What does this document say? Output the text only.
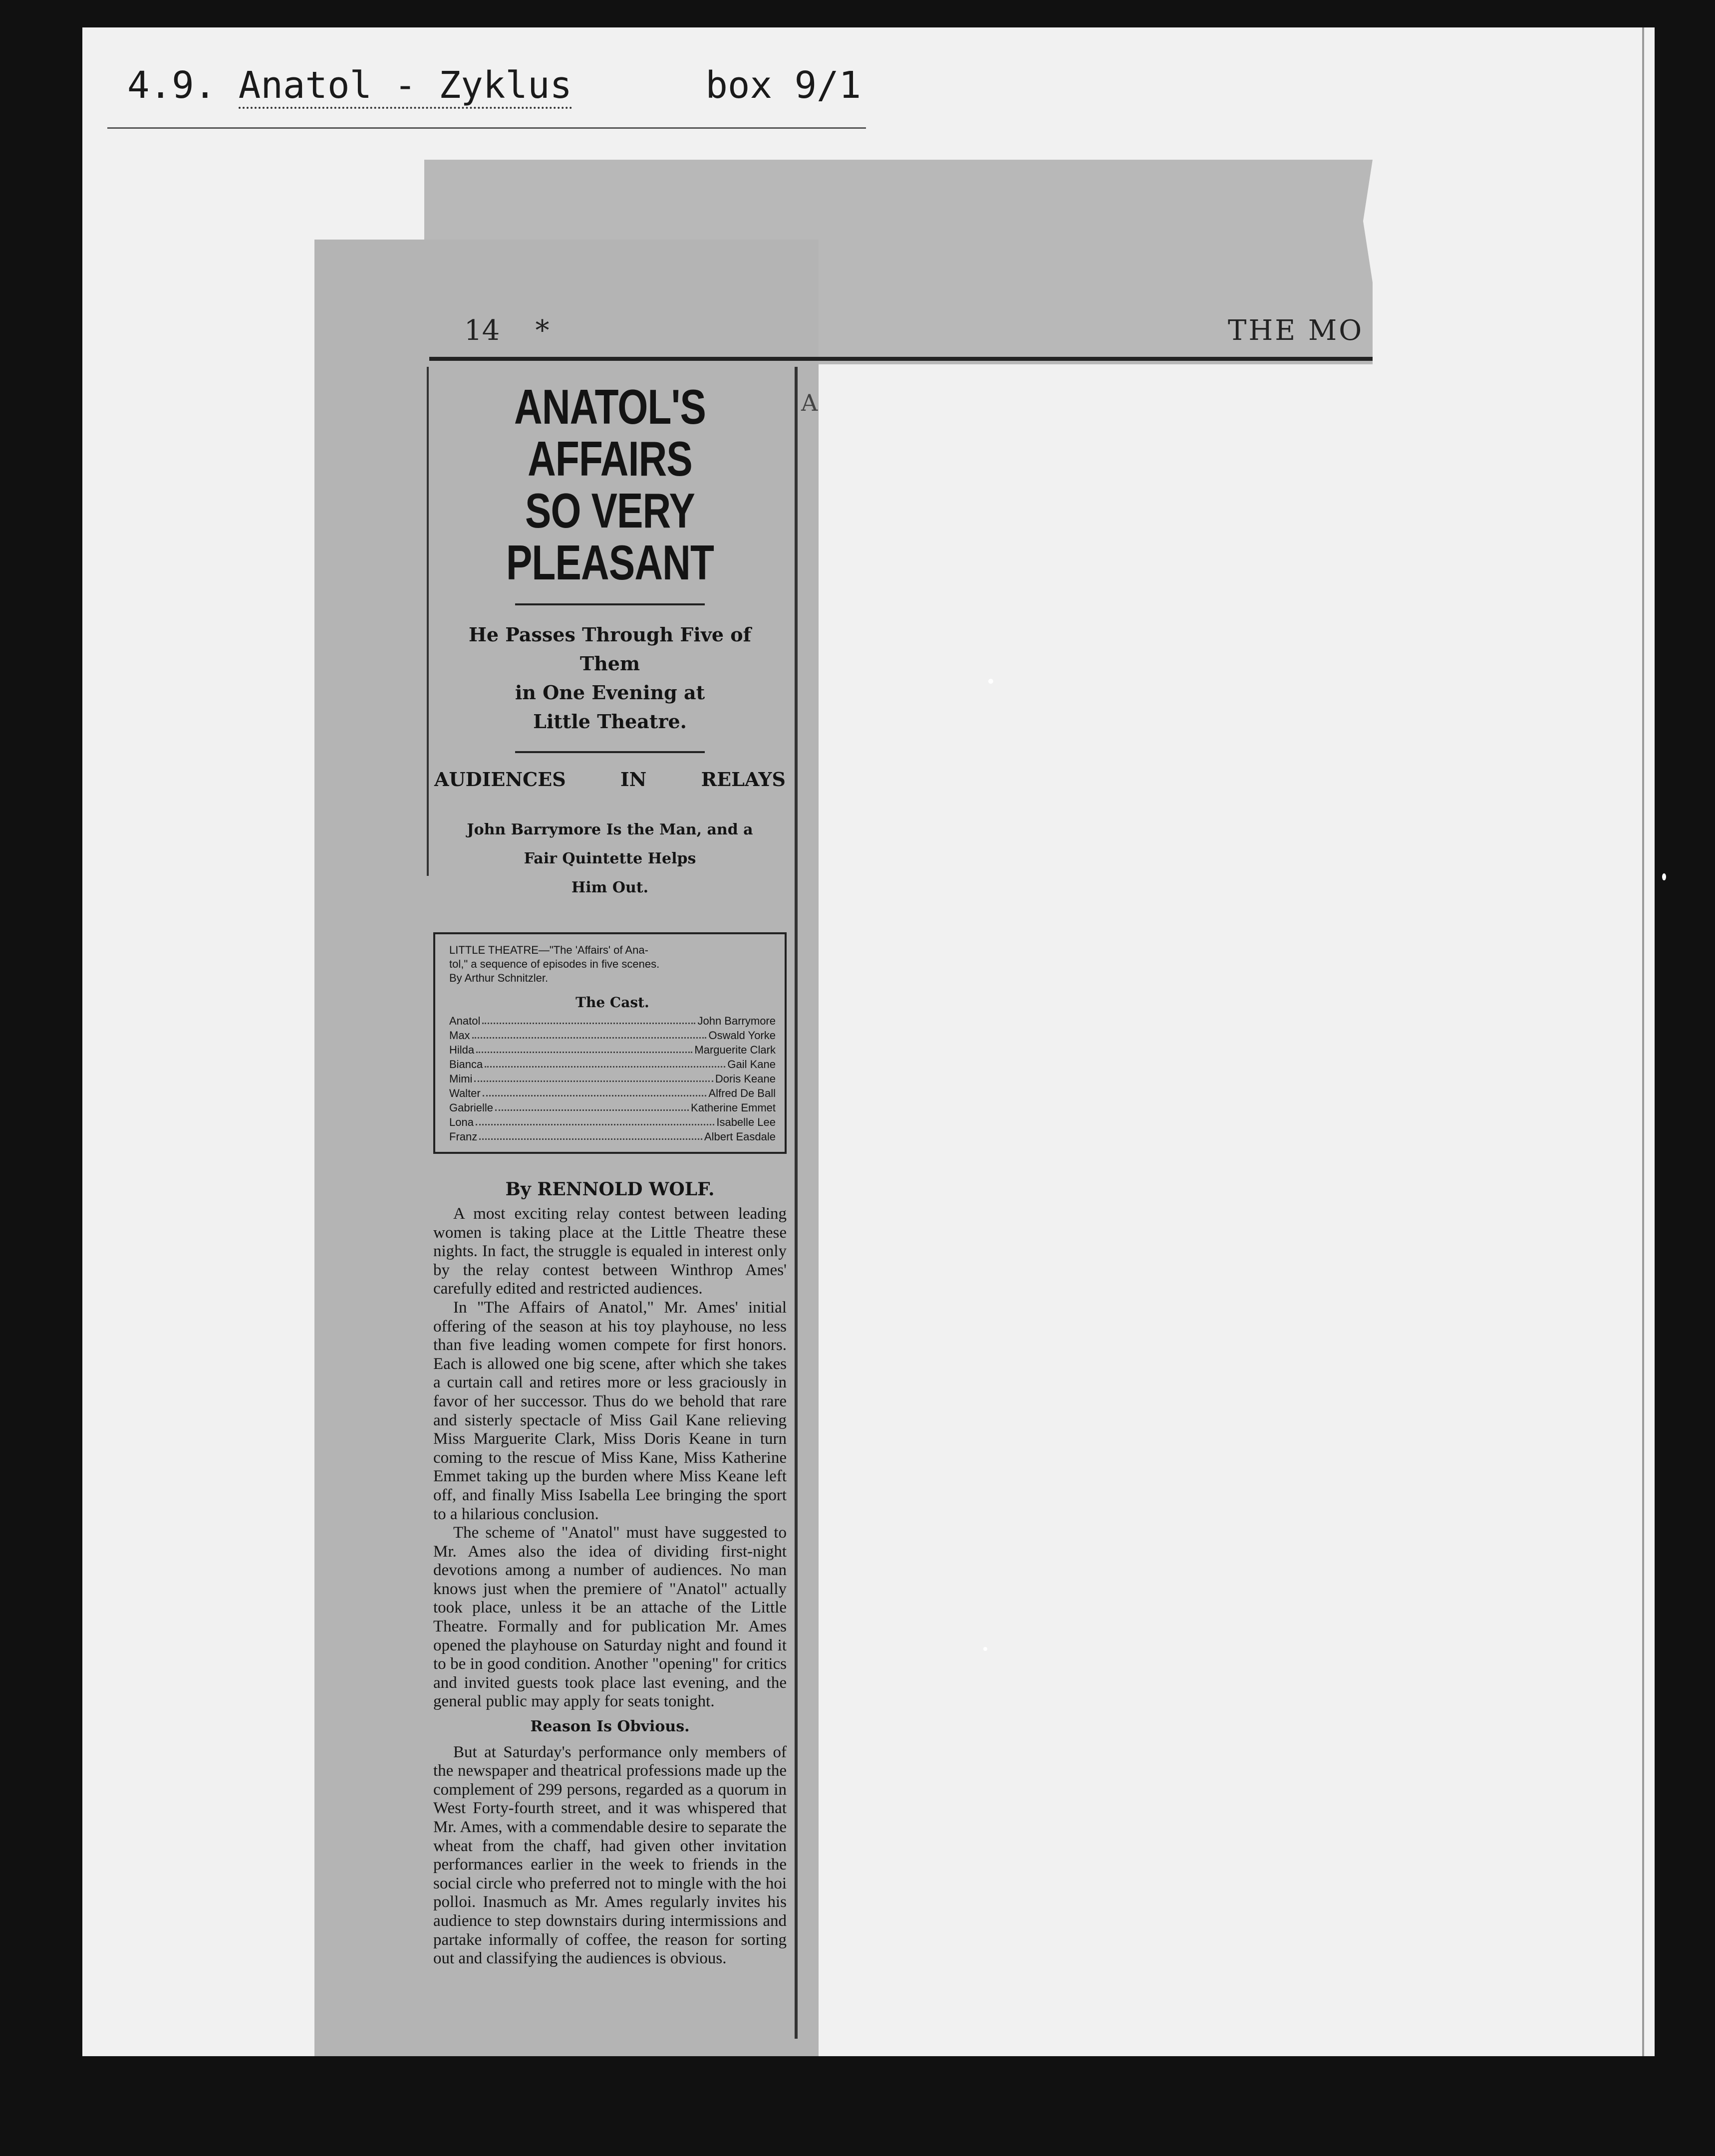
4.9. Anatol - Zyklus	box 9/1
14 *	THE MO
A
ANATOL'S AFFAIRS
SO VERY PLEASANT
He Passes Through Five of Them
in One Evening at
Little Theatre.
AUDIENCES	IN	RELAYS
John Barrymore Is the Man, and a
Fair Quintette Helps
Him Out.
LITTLE THEATRE—"The 'Affairs' of Ana-
tol," a sequence of episodes in five scenes.
By Arthur Schnitzler.
The Cast.
Anatol	John Barrymore
Max	Oswald Yorke
Hilda	Marguerite Clark
Bianca	Gail Kane
Mimi	Doris Keane
Walter	Alfred De Ball
Gabrielle	Katherine Emmet
Lona	Isabelle Lee
Franz	Albert Easdale
By RENNOLD WOLF.

A most exciting relay contest between leading women is taking place at the Little Theatre these nights. In fact, the struggle is equaled in interest only by the relay contest between Winthrop Ames' carefully edited and restricted audiences.

In "The Affairs of Anatol," Mr. Ames' initial offering of the season at his toy playhouse, no less than five leading women compete for first honors. Each is allowed one big scene, after which she takes a curtain call and retires more or less graciously in favor of her successor. Thus do we behold that rare and sisterly spectacle of Miss Gail Kane relieving Miss Marguerite Clark, Miss Doris Keane in turn coming to the rescue of Miss Kane, Miss Katherine Emmet taking up the burden where Miss Keane left off, and finally Miss Isabella Lee bringing the sport to a hilarious conclusion.

The scheme of "Anatol" must have suggested to Mr. Ames also the idea of dividing first-night devotions among a number of audiences. No man knows just when the premiere of "Anatol" actually took place, unless it be an attache of the Little Theatre. Formally and for publication Mr. Ames opened the playhouse on Saturday night and found it to be in good condition. Another "opening" for critics and invited guests took place last evening, and the general public may apply for seats tonight.

Reason Is Obvious.

But at Saturday's performance only members of the newspaper and theatrical professions made up the complement of 299 persons, regarded as a quorum in West Forty-fourth street, and it was whispered that Mr. Ames, with a commendable desire to separate the wheat from the chaff, had given other invitation performances earlier in the week to friends in the social circle who preferred not to mingle with the hoi polloi. Inasmuch as Mr. Ames regularly invites his audience to step downstairs during intermissions and partake informally of coffee, the reason for sorting out and classifying the audiences is obvious.
